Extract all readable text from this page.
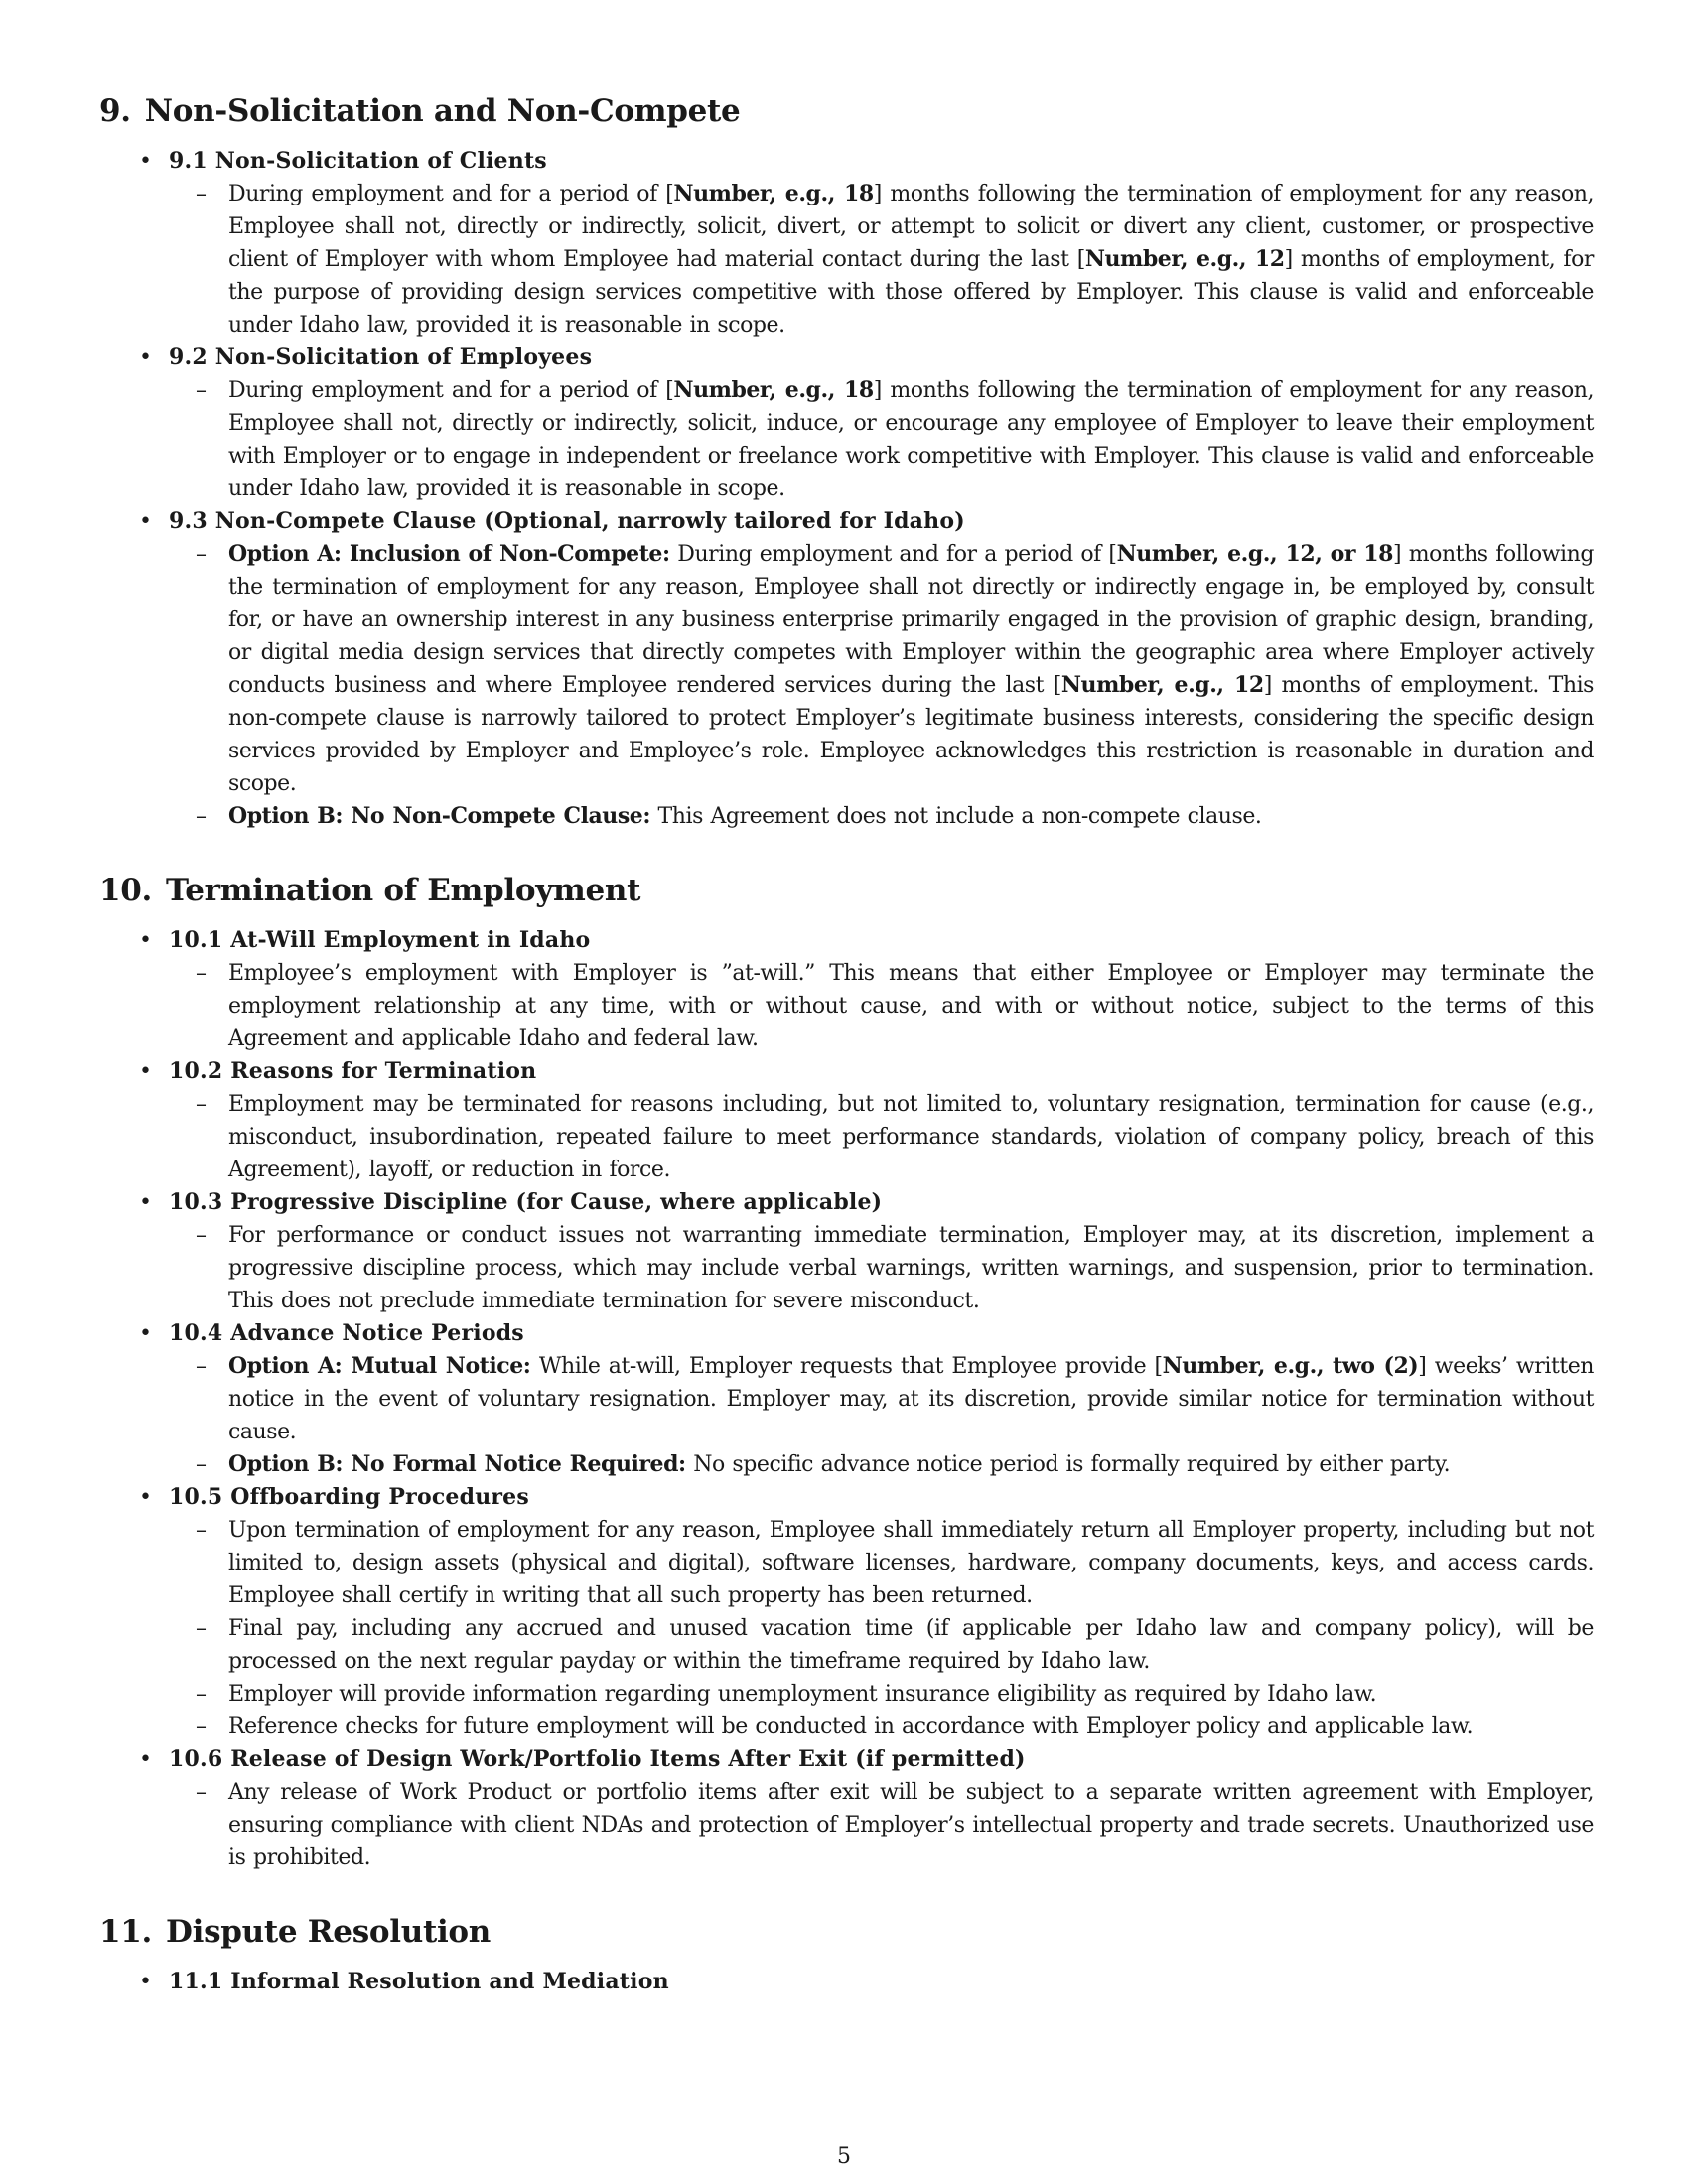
9. Non-Solicitation and Non-Compete
• 9.1 Non-Solicitation of Clients
– During employment and for a period of [Number, e.g., 18] months following the termination of employment for any reason, Employee shall not, directly or indirectly, solicit, divert, or attempt to solicit or divert any client, customer, or prospective client of Employer with whom Employee had material contact during the last [Number, e.g., 12] months of employment, for the purpose of providing design services competitive with those offered by Employer. This clause is valid and enforceable under Idaho law, provided it is reasonable in scope.

• 9.2 Non-Solicitation of Employees
– During employment and for a period of [Number, e.g., 18] months following the termination of employment for any reason, Employee shall not, directly or indirectly, solicit, induce, or encourage any employee of Employer to leave their employment with Employer or to engage in independent or freelance work competitive with Employer. This clause is valid and enforceable under Idaho law, provided it is reasonable in scope.

• 9.3 Non-Compete Clause (Optional, narrowly tailored for Idaho)
– Option A: Inclusion of Non-Compete: During employment and for a period of [Number, e.g., 12, or 18] months following the termination of employment for any reason, Employee shall not directly or indirectly engage in, be employed by, consult for, or have an ownership interest in any business enterprise primarily engaged in the provision of graphic design, branding, or digital media design services that directly competes with Employer within the geographic area where Employer actively conducts business and where Employee rendered services during the last [Number, e.g., 12] months of employment. This non-compete clause is narrowly tailored to protect Employer’s legitimate business interests, considering the specific design services provided by Employer and Employee’s role. Employee acknowledges this restriction is reasonable in duration and scope.

– Option B: No Non-Compete Clause: This Agreement does not include a non-compete clause.

10. Termination of Employment
• 10.1 At-Will Employment in Idaho
– Employee’s employment with Employer is ”at-will.” This means that either Employee or Employer may terminate the employment relationship at any time, with or without cause, and with or without notice, subject to the terms of this Agreement and applicable Idaho and federal law.

• 10.2 Reasons for Termination
– Employment may be terminated for reasons including, but not limited to, voluntary resignation, termination for cause (e.g., misconduct, insubordination, repeated failure to meet performance standards, violation of company policy, breach of this Agreement), layoff, or reduction in force.

• 10.3 Progressive Discipline (for Cause, where applicable)
– For performance or conduct issues not warranting immediate termination, Employer may, at its discretion, implement a progressive discipline process, which may include verbal warnings, written warnings, and suspension, prior to termination. This does not preclude immediate termination for severe misconduct.

• 10.4 Advance Notice Periods
– Option A: Mutual Notice: While at-will, Employer requests that Employee provide [Number, e.g., two (2)] weeks’ written notice in the event of voluntary resignation. Employer may, at its discretion, provide similar notice for termination without cause.

– Option B: No Formal Notice Required: No specific advance notice period is formally required by either party.

• 10.5 Offboarding Procedures
– Upon termination of employment for any reason, Employee shall immediately return all Employer property, including but not limited to, design assets (physical and digital), software licenses, hardware, company documents, keys, and access cards. Employee shall certify in writing that all such property has been returned.

– Final pay, including any accrued and unused vacation time (if applicable per Idaho law and company policy), will be processed on the next regular payday or within the timeframe required by Idaho law.

– Employer will provide information regarding unemployment insurance eligibility as required by Idaho law.

– Reference checks for future employment will be conducted in accordance with Employer policy and applicable law.

• 10.6 Release of Design Work/Portfolio Items After Exit (if permitted)
– Any release of Work Product or portfolio items after exit will be subject to a separate written agreement with Employer, ensuring compliance with client NDAs and protection of Employer’s intellectual property and trade secrets. Unauthorized use is prohibited.

11. Dispute Resolution
• 11.1 Informal Resolution and Mediation
5
